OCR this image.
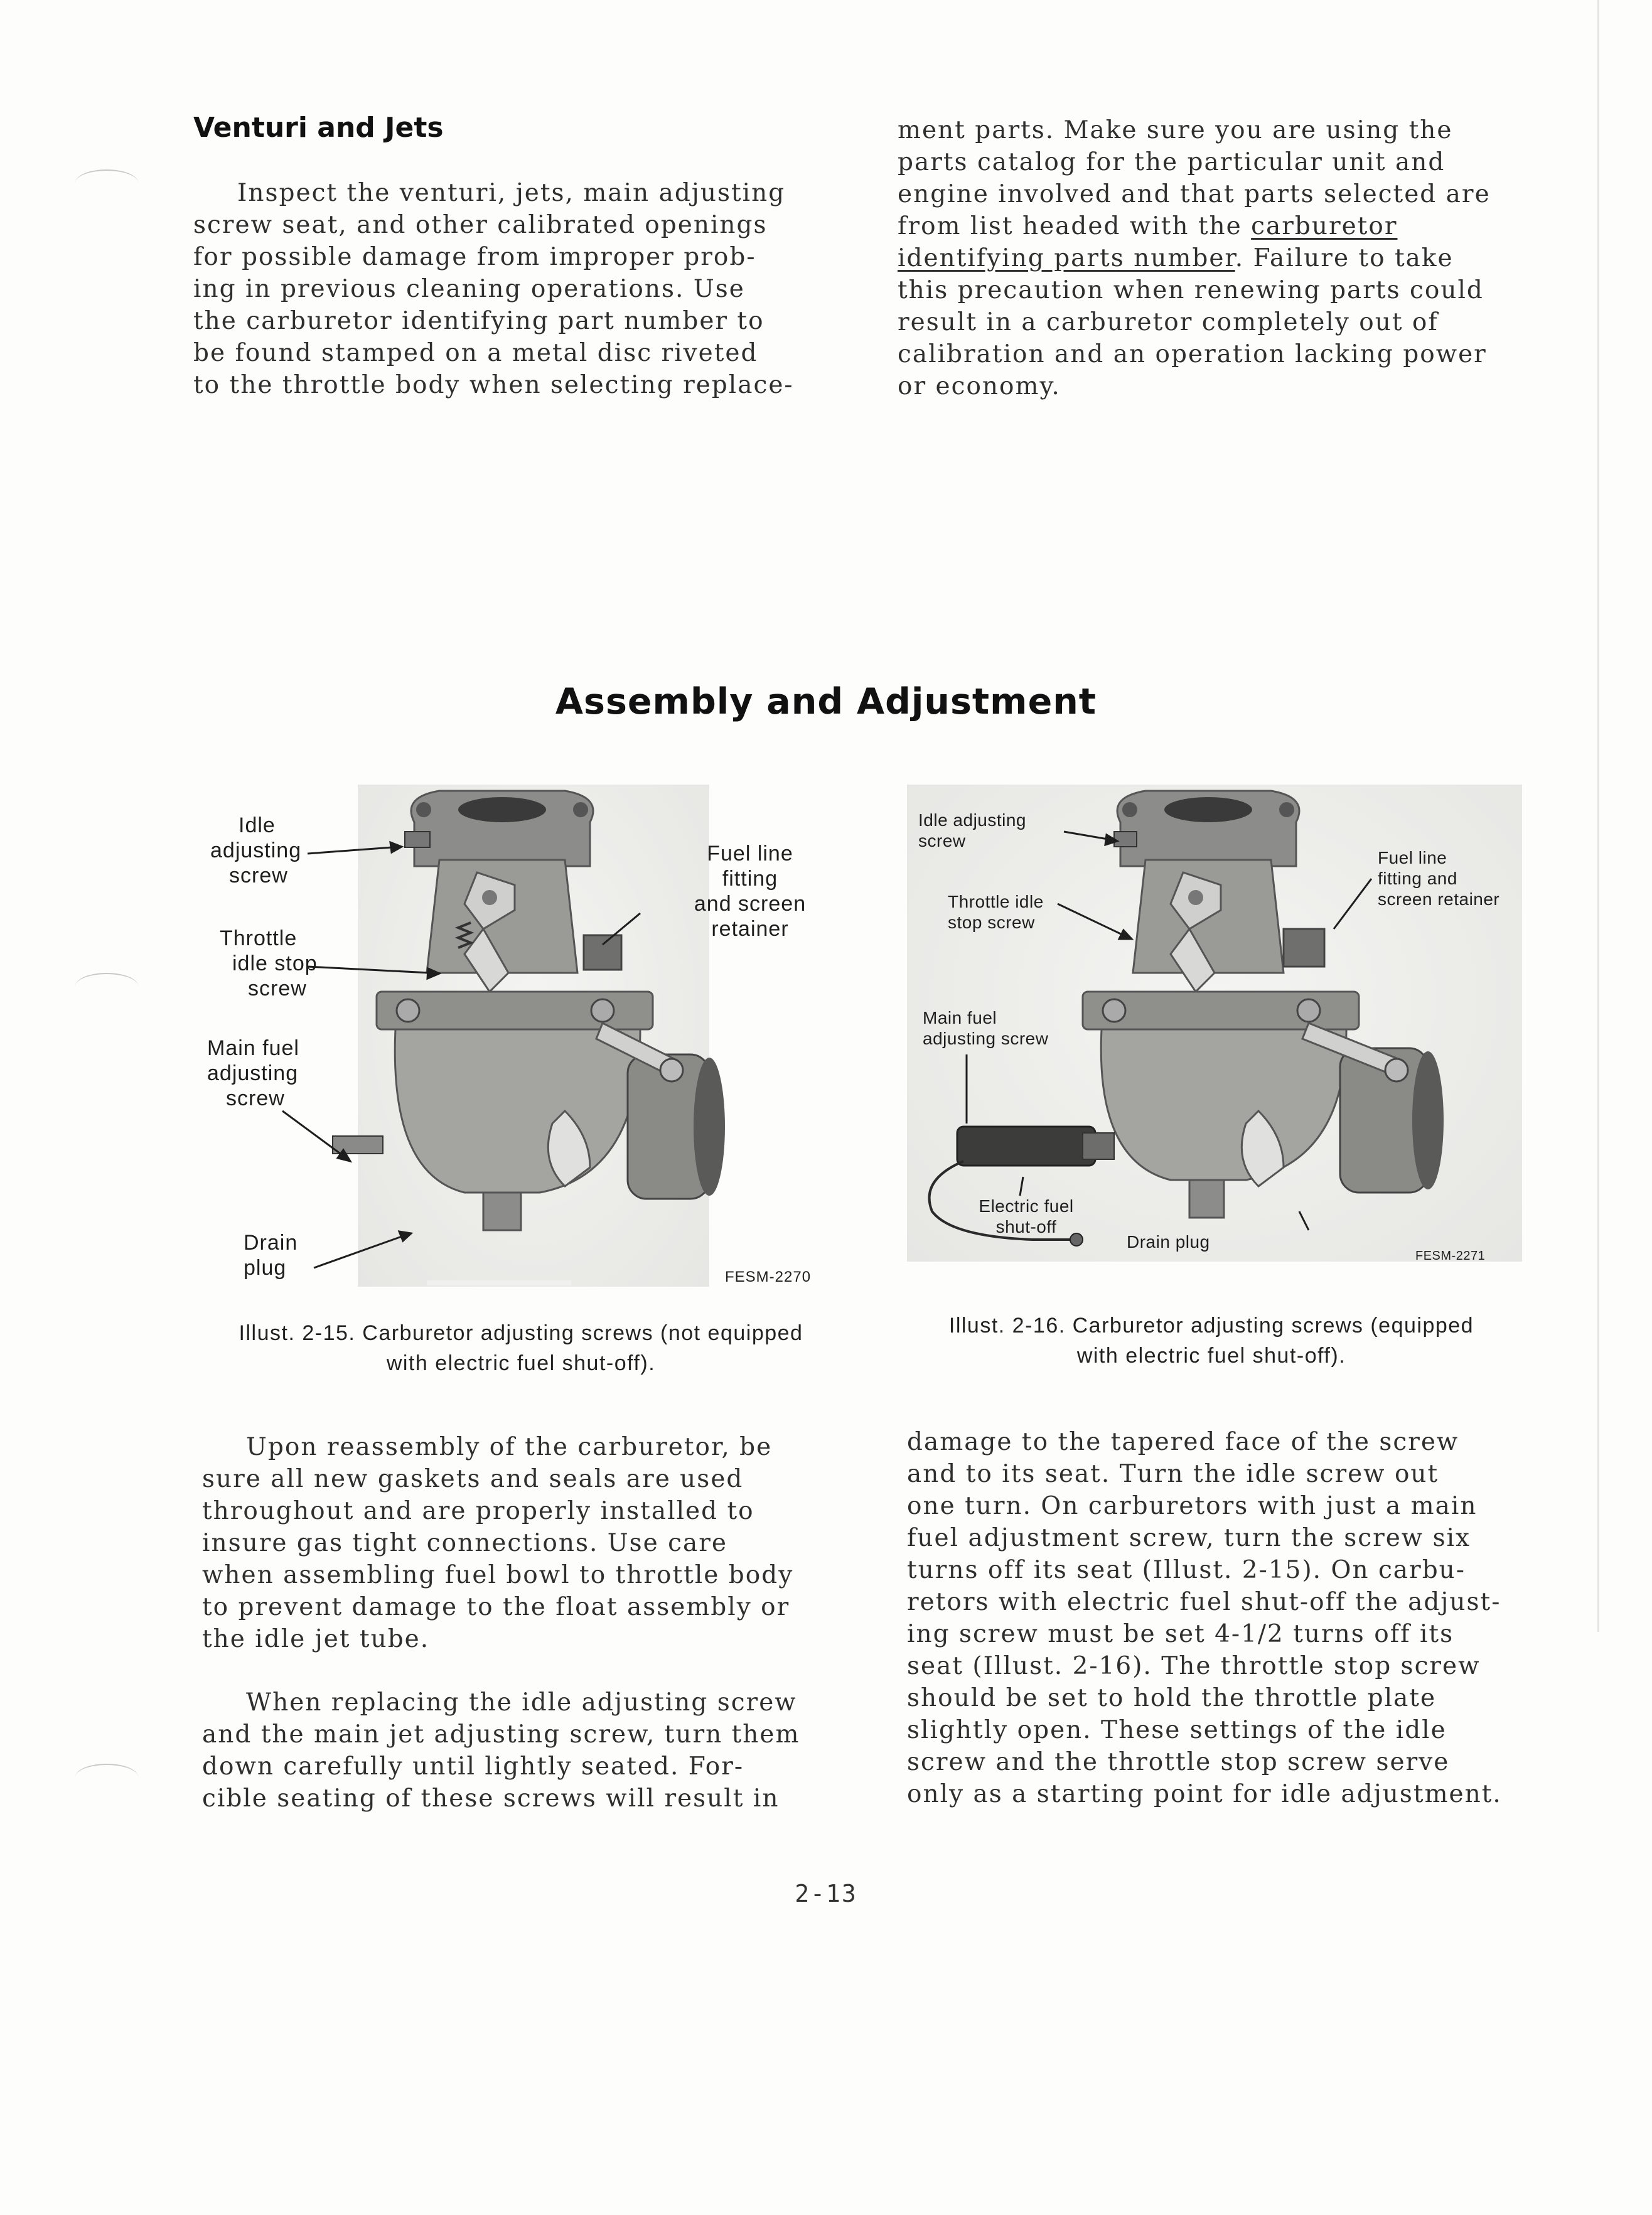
Venturi and Jets

Inspect the venturi, jets, main adjusting

screw seat, and other calibrated openings

for possible damage from improper prob-

ing in previous cleaning operations. Use

the carburetor identifying part number to

be found stamped on a metal disc riveted

to the throttle body when selecting replace-

ment parts. Make sure you are using the

parts catalog for the particular unit and

engine involved and that parts selected are

from list headed with the carburetor

identifying parts number. Failure to take

this precaution when renewing parts could

result in a carburetor completely out of

calibration and an operation lacking power

or economy.

Assembly and Adjustment
Idle
adjusting
screw
Throttle
idle stop
screw
Main fuel
adjusting
screw
Drain
plug
Fuel line
fitting
and screen
retainer
FESM-2270
Illust. 2-15. Carburetor adjusting screws (not equipped
with electric fuel shut-off).
Idle adjusting
screw
Throttle idle
stop screw
Main fuel
adjusting screw
Electric fuel
shut-off
Drain plug
Fuel line
fitting and
screen retainer
FESM-2271
Illust. 2-16. Carburetor adjusting screws (equipped
with electric fuel shut-off).

Upon reassembly of the carburetor, be

sure all new gaskets and seals are used

throughout and are properly installed to

insure gas tight connections. Use care

when assembling fuel bowl to throttle body

to prevent damage to the float assembly or

the idle jet tube.

When replacing the idle adjusting screw

and the main jet adjusting screw, turn them

down carefully until lightly seated. For-

cible seating of these screws will result in

damage to the tapered face of the screw

and to its seat. Turn the idle screw out

one turn. On carburetors with just a main

fuel adjustment screw, turn the screw six

turns off its seat (Illust. 2-15). On carbu-

retors with electric fuel shut-off the adjust-

ing screw must be set 4-1/2 turns off its

seat (Illust. 2-16). The throttle stop screw

should be set to hold the throttle plate

slightly open. These settings of the idle

screw and the throttle stop screw serve

only as a starting point for idle adjustment.

2-13
